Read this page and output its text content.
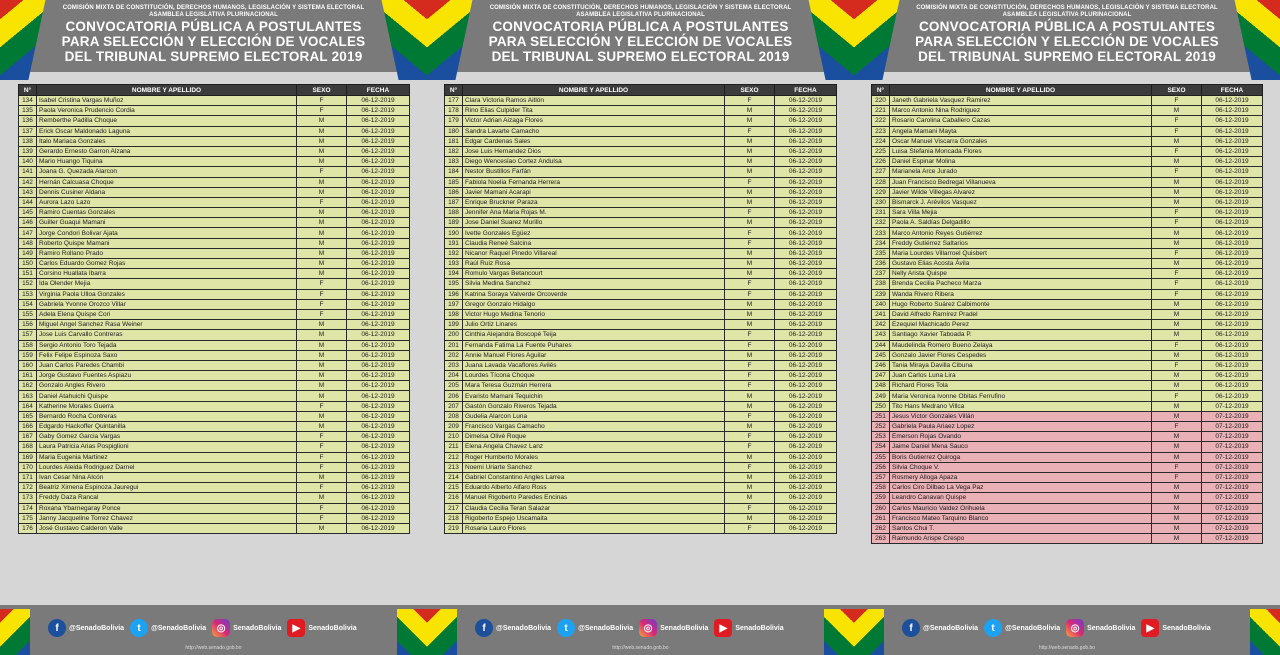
COMISIÓN MIXTA DE CONSTITUCIÓN, DERECHOS HUMANOS, LEGISLACIÓN Y SISTEMA ELECTORAL
ASAMBLEA LEGISLATIVA PLURINACIONAL
CONVOCATORIA PÚBLICA A POSTULANTES
PARA SELECCIÓN Y ELECCIÓN DE VOCALES
DEL TRIBUNAL SUPREMO ELECTORAL 2019
N°	NOMBRE Y APELLIDO	SEXO	FECHA
134	Isabel Cristina Vargas Muñoz	F	06-12-2019
135	Paola Veronica Prudencio Cordia	F	06-12-2019
136	Remberthe Padilla Choque	M	06-12-2019
137	Erick Oscar Maldonado Laguna	M	06-12-2019
138	Italo Mariaca Gonzales	M	06-12-2019
139	Gerardo Ernesto Garron Alzana	M	06-12-2019
140	Mario Huango Tiquina	M	06-12-2019
141	Joana G. Quezada Alarcon	F	06-12-2019
142	Hernán Calcuasa Choque	M	06-12-2019
143	Dennis Cusiner Aldana	M	06-12-2019
144	Aurora Lazo Lazo	F	06-12-2019
145	Ramiro Cuentas Gonzales	M	06-12-2019
146	Guiller Guaqui Mamani	M	06-12-2019
147	Jorge Condori Bolivar Ajata	M	06-12-2019
148	Roberto Quispe Mamani	M	06-12-2019
149	Ramiro Rollano Prado	M	06-12-2019
150	Carlos Eduardo Gomez Rojas	M	06-12-2019
151	Corsino Huallata Ibarra	M	06-12-2019
152	Ida Olender Mejia	F	06-12-2019
153	Virginia Paola Ulloa Gonzales	F	06-12-2019
154	Gabriela Yvonne Orozco Villar	F	06-12-2019
155	Adela Elena Quispe Cori	F	06-12-2019
156	Miguel Angel Sanchez Rasa Weiner	M	06-12-2019
157	Jose Luis Carvallo Contreras	M	06-12-2019
158	Sergio Antonio Toro Tejada	M	06-12-2019
159	Felix Felipe Espinoza Saxo	M	06-12-2019
160	Juan Carlos Paredes Chambi	M	06-12-2019
161	Jorge Gustavo Fuentes Aspiazu	M	06-12-2019
162	Gonzalo Angles Rivero	M	06-12-2019
163	Daniel Atahuichi Quispe	M	06-12-2019
164	Katherine Morales Guerra	F	06-12-2019
165	Bernardo Rocha Contreras	M	06-12-2019
166	Edgardo Hackoffer Quintanilla	M	06-12-2019
167	Gaby Gomez Garcia Vargas	F	06-12-2019
168	Laura Patricia Arias Pospiglioni	F	06-12-2019
169	Maria Eugenia Martinez	F	06-12-2019
170	Lourdes Aleida Rodriguez Darnel	F	06-12-2019
171	Ivan Cesar Nina Alcón	M	06-12-2019
172	Beatriz Ximena Espinoza Jauregui	F	06-12-2019
173	Freddy Daza Rancal	M	06-12-2019
174	Roxana Ybarnegaray Ponce	F	06-12-2019
175	Janny Jacqueline Torrez Chavez	F	06-12-2019
176	José Gustavo Calderon Valle	M	06-12-2019
f	@SenadoBolivia	t	@SenadoBolivia	◎	SenadoBolivia	▶	SenadoBolivia
http://web.senado.gob.bo
COMISIÓN MIXTA DE CONSTITUCIÓN, DERECHOS HUMANOS, LEGISLACIÓN Y SISTEMA ELECTORAL
ASAMBLEA LEGISLATIVA PLURINACIONAL
CONVOCATORIA PÚBLICA A POSTULANTES
PARA SELECCIÓN Y ELECCIÓN DE VOCALES
DEL TRIBUNAL SUPREMO ELECTORAL 2019
N°	NOMBRE Y APELLIDO	SEXO	FECHA
177	Clara Victoria Ramos Aitlón	F	06-12-2019
178	Rino Elias Culpider Tita	M	06-12-2019
179	Victor Adrian Aizaga Flores	M	06-12-2019
180	Sandra Lavarte Camacho	F	06-12-2019
181	Edgar Cardenas Sales	M	06-12-2019
182	Jose Luis Hernandez Dios	M	06-12-2019
183	Diego Wenceslao Cortez Andulsa	M	06-12-2019
184	Nestor Bustillos Farfán	M	06-12-2019
185	Fabiola Noelia Fernanda Herrera	F	06-12-2019
186	Javier Mamani Acarapi	M	06-12-2019
187	Enrique Bruckner Paraza	M	06-12-2019
188	Jennifer Ana Maria Rojas M.	F	06-12-2019
189	Jose Daniel Suarez Murillo	M	06-12-2019
190	Ivette Gonzales Egüez	F	06-12-2019
191	Claudia Reneé Salcina	F	06-12-2019
192	Nicanor Raquel Pinedo Villareal	M	06-12-2019
193	Raúl Ruiz Rosa	M	06-12-2019
194	Romulo Vargas Betancourt	M	06-12-2019
195	Silvia Medina Sanchez	F	06-12-2019
196	Katrina Soraya Valverde Orcoverde	F	06-12-2019
197	Gregor Gonzalo Hidalgo	M	06-12-2019
198	Victor Hugo Medina Tenorio	M	06-12-2019
199	Julio Ortiz Linares	M	06-12-2019
200	Cinthia Alejandra Boscopé Teija	F	06-12-2019
201	Fernanda Fatima La Fuente Puhares	F	06-12-2019
202	Annie Manuel Flores Aguilar	M	06-12-2019
203	Juana Lavada Vacaflores Avilés	F	06-12-2019
204	Lourdes Tícona Choque	F	06-12-2019
205	Mara Teresa Guzmán Herrera	F	06-12-2019
206	Evaristo Mamani Tequichin	M	06-12-2019
207	Gastón Gonzalo Riveros Tejada	M	06-12-2019
208	Gudelia Alarcon Luna	F	06-12-2019
209	Francisco Vargas Camacho	M	06-12-2019
210	Dimelsa Olivé Roque	F	06-12-2019
211	Elena Angela Chavez Lanz	F	06-12-2019
212	Roger Humberto Morales	M	06-12-2019
213	Noemi Uriarte Sanchez	F	06-12-2019
214	Gabriel Constantino Angles Larrea	M	06-12-2019
215	Eduardo Alberto Alfaro Ross	M	06-12-2019
216	Manuel Rigoberto Paredes Encinas	M	06-12-2019
217	Claudia Cecilia Teran Salazar	F	06-12-2019
218	Rigoberto Espejo Uscamaita	M	06-12-2019
219	Rosaria Lauro Flores	F	06-12-2019
f	@SenadoBolivia	t	@SenadoBolivia	◎	SenadoBolivia	▶	SenadoBolivia
http://web.senado.gob.bo
COMISIÓN MIXTA DE CONSTITUCIÓN, DERECHOS HUMANOS, LEGISLACIÓN Y SISTEMA ELECTORAL
ASAMBLEA LEGISLATIVA PLURINACIONAL
CONVOCATORIA PÚBLICA A POSTULANTES
PARA SELECCIÓN Y ELECCIÓN DE VOCALES
DEL TRIBUNAL SUPREMO ELECTORAL 2019
N°	NOMBRE Y APELLIDO	SEXO	FECHA
220	Janeth Gabriela Vasquez Ramirez	F	06-12-2019
221	Marco Antonio Nina Rodriguez	M	06-12-2019
222	Rosario Carolina Caballero Cazas	F	06-12-2019
223	Angela Mamani Mayta	F	06-12-2019
224	Oscar Manuel Viscarra Gonzales	M	06-12-2019
225	Luisa Stefania Moncada Flores	F	06-12-2019
226	Daniel Espinar Molina	M	06-12-2019
227	Marianela Arce Jurado	F	06-12-2019
228	Juan Francisco Bedregal Villanueva	M	06-12-2019
229	Javier Wilde Villegas Alvarez	M	06-12-2019
230	Bismarck J. Arévilos Vasquez	M	06-12-2019
231	Sara Villa Mejia	F	06-12-2019
232	Paola A. Saldías Delgadillo	F	06-12-2019
233	Marco Antonio Reyes Gutiérrez	M	06-12-2019
234	Freddy Gutiérrez Saltarios	M	06-12-2019
235	Maria Lourdes Villarroel Quisbert	F	06-12-2019
236	Gustavo Elias Acosta Ávila	M	06-12-2019
237	Nelly Arista Quispe	F	06-12-2019
238	Brenda Cecilia Pacheco Marza	F	06-12-2019
239	Wanda Rivero Ribera	F	06-12-2019
240	Hugo Roberto Suárez Calbimonte	M	06-12-2019
241	David Alfredo Ramírez Pradel	M	06-12-2019
242	Ezequiel Machicado Perez	M	06-12-2019
243	Santiago Xavier Taboada P.	M	06-12-2019
244	Maudelinda Romero Bueno Zelaya	F	06-12-2019
245	Gonzalo Javier Flores Cespedes	M	06-12-2019
246	Tania Miraya Davilla Cibuna	F	06-12-2019
247	Juan Carlos Luna Lira	M	06-12-2019
248	Richard Flores Tola	M	06-12-2019
249	Maria Veronica Ivonne Obitas Ferrufino	F	06-12-2019
250	Tito Hans Medrano Villca	M	07-12-2019
251	Jesus Victor Gonzales Villán	M	07-12-2019
252	Gabriela Paula Ariaez Lopez	F	07-12-2019
253	Emerson Rojas Ovando	M	07-12-2019
254	Jaime Daniel Mena Sauco	M	07-12-2019
255	Boris Gutierrez Quiroga	M	07-12-2019
256	Silvia Choque V.	F	07-12-2019
257	Rosmery Alloga Apaza	F	07-12-2019
258	Carlos Ciro Dilbao La Vega Paz	M	07-12-2019
259	Leandro Canavan Quispe	M	07-12-2019
260	Carlos Mauricio Valdez Orihuela	M	07-12-2019
261	Francisco Mateo Tarquino Blanco	M	07-12-2019
262	Santos Chui T.	M	07-12-2019
263	Raimundo Arispe Crespo	M	07-12-2019
f	@SenadoBolivia	t	@SenadoBolivia	◎	SenadoBolivia	▶	SenadoBolivia
http://web.senado.gob.bo
